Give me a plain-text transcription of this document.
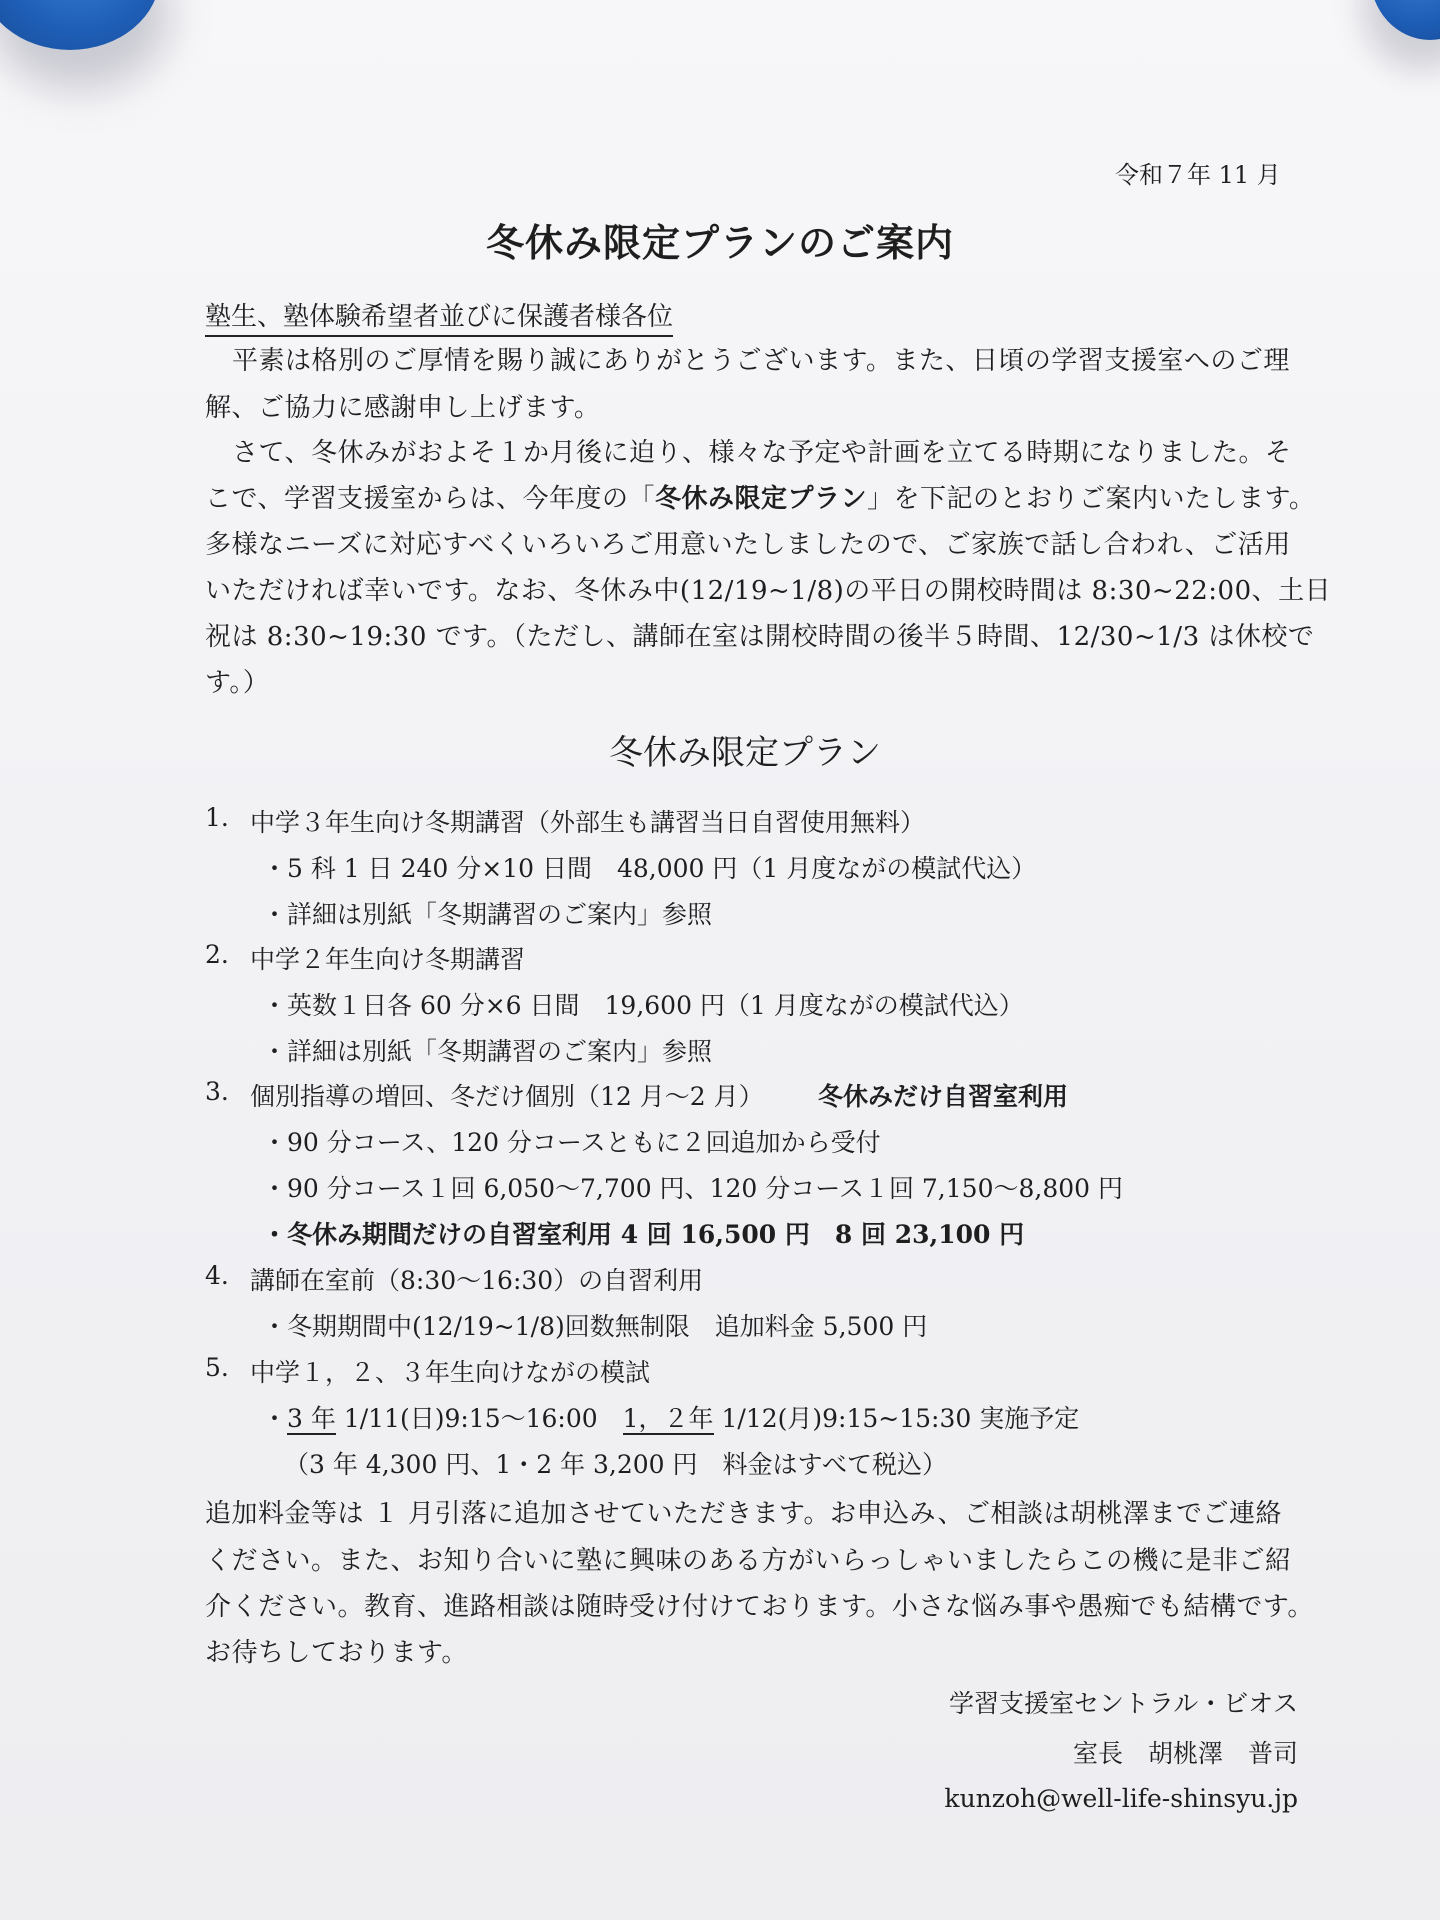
令和７年 11 月
冬休み限定プランのご案内
塾生、塾体験希望者並びに保護者様各位
平素は格別のご厚情を賜り誠にありがとうございます。また、日頃の学習支援室へのご理
解、ご協力に感謝申し上げます。
さて、冬休みがおよそ１か月後に迫り、様々な予定や計画を立てる時期になりました。そ
こで、学習支援室からは、今年度の「冬休み限定プラン」を下記のとおりご案内いたします。
多様なニーズに対応すべくいろいろご用意いたしましたので、ご家族で話し合われ、ご活用
いただければ幸いです。なお、冬休み中(12/19~1/8)の平日の開校時間は 8:30~22:00、土日
祝は 8:30~19:30 です。（ただし、講師在室は開校時間の後半５時間、12/30~1/3 は休校で
す。）
冬休み限定プラン
1. 中学３年生向け冬期講習（外部生も講習当日自習使用無料）
・5 科 1 日 240 分×10 日間　48,000 円（1 月度ながの模試代込）
・詳細は別紙「冬期講習のご案内」参照
2. 中学２年生向け冬期講習
・英数１日各 60 分×6 日間　19,600 円（1 月度ながの模試代込）
・詳細は別紙「冬期講習のご案内」参照
3. 個別指導の増回、冬だけ個別（12 月〜2 月） 冬休みだけ自習室利用
・90 分コース、120 分コースともに２回追加から受付
・90 分コース１回 6,050〜7,700 円、120 分コース１回 7,150〜8,800 円
・冬休み期間だけの自習室利用 4 回 16,500 円　8 回 23,100 円
4. 講師在室前（8:30〜16:30）の自習利用
・冬期期間中(12/19~1/8)回数無制限　追加料金 5,500 円
5. 中学１，２、３年生向けながの模試
・3 年 1/11(日)9:15〜16:00　1，２年 1/12(月)9:15~15:30 実施予定
（3 年 4,300 円、1・2 年 3,200 円　料金はすべて税込）
追加料金等は １ 月引落に追加させていただきます。お申込み、ご相談は胡桃澤までご連絡
ください。また、お知り合いに塾に興味のある方がいらっしゃいましたらこの機に是非ご紹
介ください。教育、進路相談は随時受け付けております。小さな悩み事や愚痴でも結構です。
お待ちしております。
学習支援室セントラル・ビオス
室長　胡桃澤　普司
kunzoh@well-life-shinsyu.jp
